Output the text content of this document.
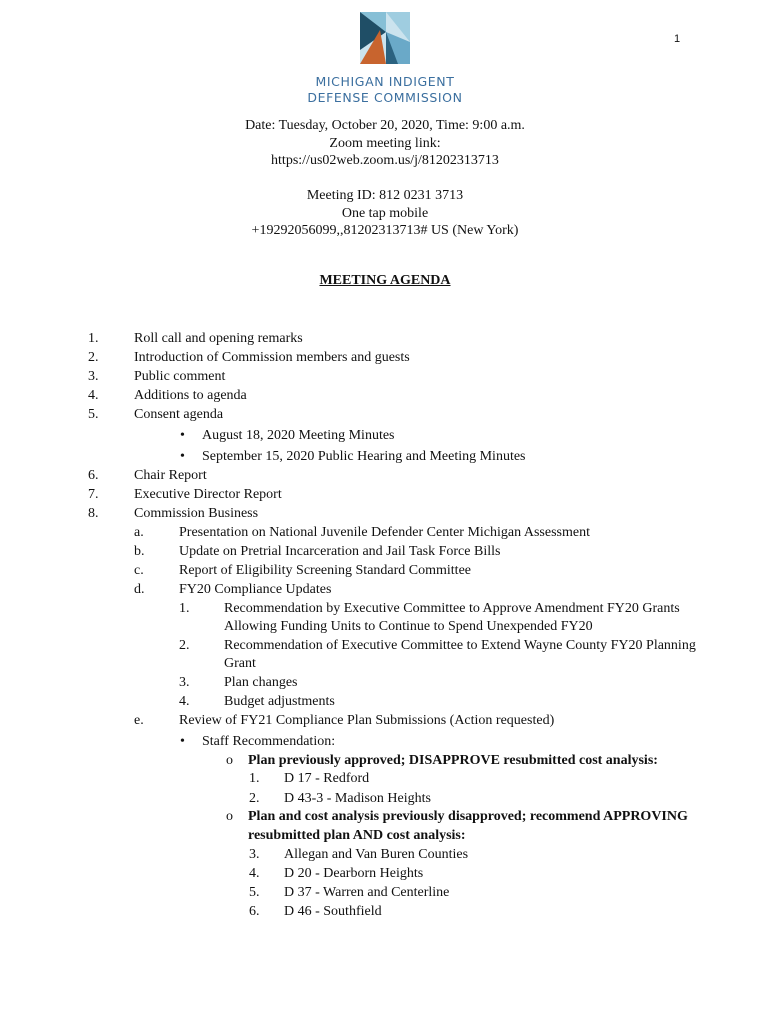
1
MICHIGAN INDIGENT
DEFENSE COMMISSION
Date: Tuesday, October 20, 2020, Time: 9:00 a.m.
Zoom meeting link:
https://us02web.zoom.us/j/81202313713
Meeting ID: 812 0231 3713
One tap mobile
+19292056099,,81202313713# US (New York)
MEETING AGENDA
1.	Roll call and opening remarks
2.	Introduction of Commission members and guests
3.	Public comment
4.	Additions to agenda
5.	Consent agenda
• August 18, 2020 Meeting Minutes
• September 15, 2020 Public Hearing and Meeting Minutes
6.	Chair Report
7.	Executive Director Report
8.	Commission Business
a.	Presentation on National Juvenile Defender Center Michigan Assessment
b. Update on Pretrial Incarceration and Jail Task Force Bills
c.	Report of Eligibility Screening Standard Committee
d. FY20 Compliance Updates
1. Recommendation by Executive Committee to Approve Amendment FY20 Grants
Allowing Funding Units to Continue to Spend Unexpended FY20
2. Recommendation of Executive Committee to Extend Wayne County FY20 Planning
Grant
3. Plan changes
4. Budget adjustments
e.	Review of FY21 Compliance Plan Submissions (Action requested)
• Staff Recommendation:
o Plan previously approved; DISAPPROVE resubmitted cost analysis:
1. D 17 - Redford
2. D 43-3 - Madison Heights
o Plan and cost analysis previously disapproved; recommend APPROVING
resubmitted plan AND cost analysis:
3. Allegan and Van Buren Counties
4. D 20 - Dearborn Heights
5. D 37 - Warren and Centerline
6. D 46 - Southfield
